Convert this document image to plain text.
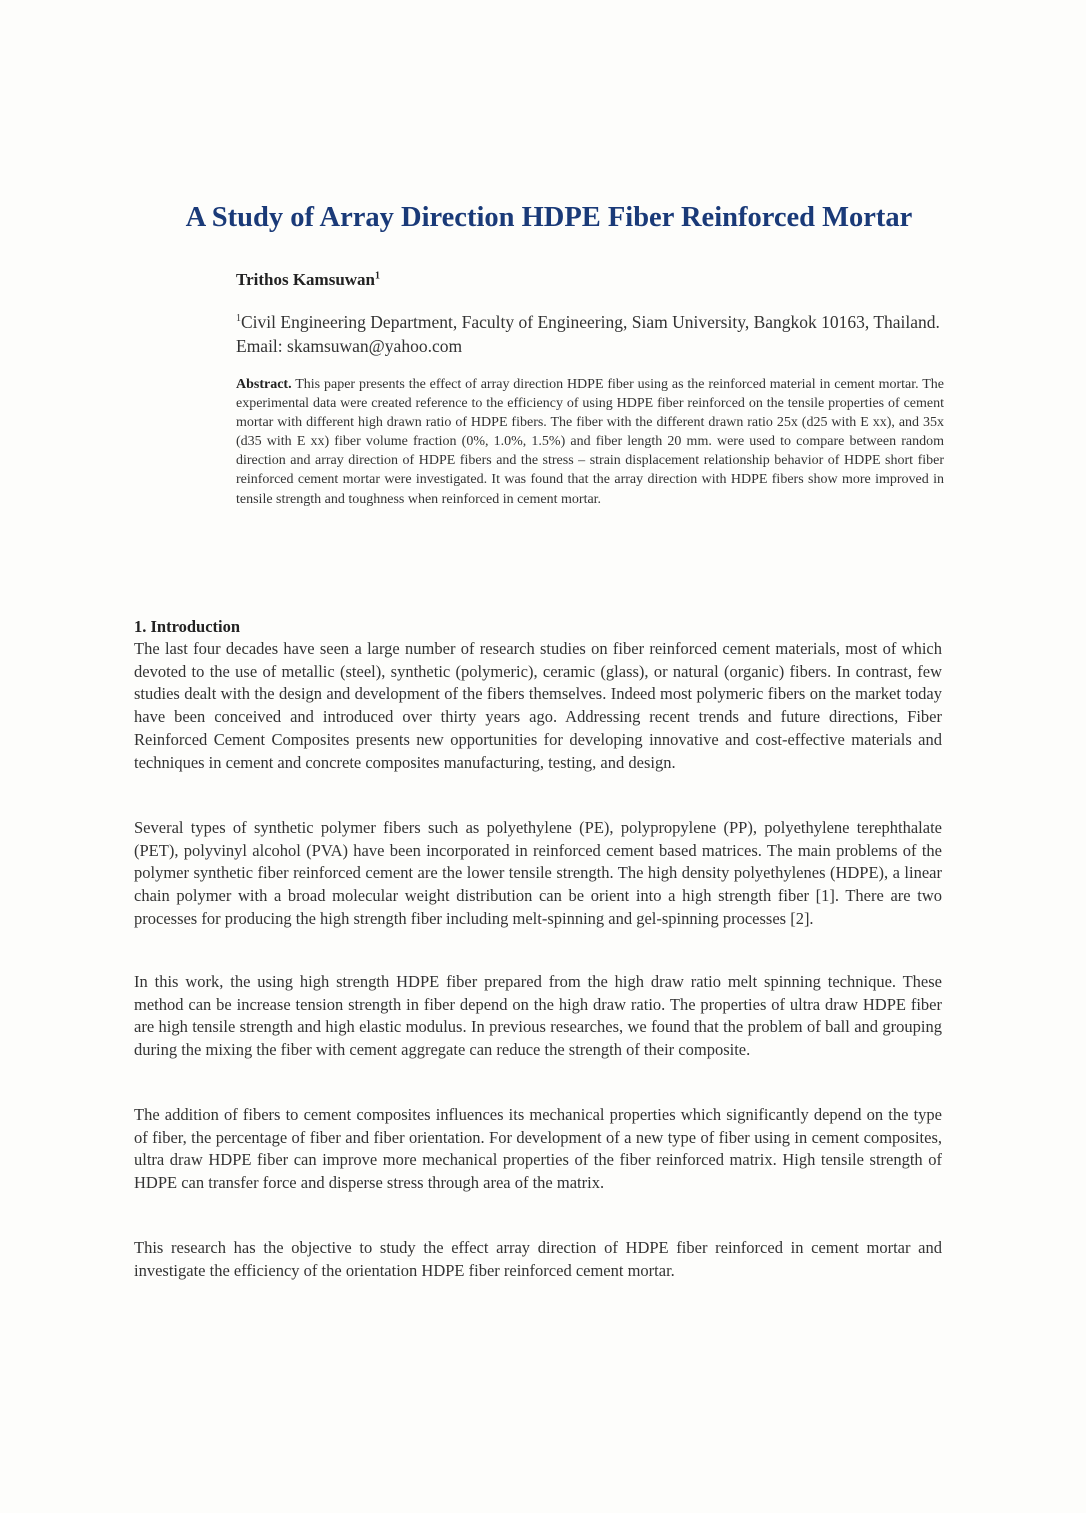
A Study of Array Direction HDPE Fiber Reinforced Mortar

Trithos Kamsuwan$^1$

$^1$Civil Engineering Department, Faculty of Engineering, Siam University, Bangkok 10163, Thailand. Email: skamsuwan@yahoo.com

Abstract. This paper presents the effect of array direction HDPE fiber using as the reinforced material in cement mortar. The experimental data were created reference to the efficiency of using HDPE fiber reinforced on the tensile properties of cement mortar with different high drawn ratio of HDPE fibers. The fiber with the different drawn ratio 25x (d25 with E xx), and 35x (d35 with E xx) fiber volume fraction (0%, 1.0%, 1.5%) and fiber length 20 mm. were used to compare between random direction and array direction of HDPE fibers and the stress – strain displacement relationship behavior of HDPE short fiber reinforced cement mortar were investigated. It was found that the array direction with HDPE fibers show more improved in tensile strength and toughness when reinforced in cement mortar.

1. Introduction

The last four decades have seen a large number of research studies on fiber reinforced cement materials, most of which devoted to the use of metallic (steel), synthetic (polymeric), ceramic (glass), or natural (organic) fibers. In contrast, few studies dealt with the design and development of the fibers themselves. Indeed most polymeric fibers on the market today have been conceived and introduced over thirty years ago. Addressing recent trends and future directions, Fiber Reinforced Cement Composites presents new opportunities for developing innovative and cost-effective materials and techniques in cement and concrete composites manufacturing, testing, and design.

Several types of synthetic polymer fibers such as polyethylene (PE), polypropylene (PP), polyethylene terephthalate (PET), polyvinyl alcohol (PVA) have been incorporated in reinforced cement based matrices. The main problems of the polymer synthetic fiber reinforced cement are the lower tensile strength. The high density polyethylenes (HDPE), a linear chain polymer with a broad molecular weight distribution can be orient into a high strength fiber [1]. There are two processes for producing the high strength fiber including melt-spinning and gel-spinning processes [2].

In this work, the using high strength HDPE fiber prepared from the high draw ratio melt spinning technique. These method can be increase tension strength in fiber depend on the high draw ratio. The properties of ultra draw HDPE fiber are high tensile strength and high elastic modulus. In previous researches, we found that the problem of ball and grouping during the mixing the fiber with cement aggregate can reduce the strength of their composite.

The addition of fibers to cement composites influences its mechanical properties which significantly depend on the type of fiber, the percentage of fiber and fiber orientation. For development of a new type of fiber using in cement composites, ultra draw HDPE fiber can improve more mechanical properties of the fiber reinforced matrix. High tensile strength of HDPE can transfer force and disperse stress through area of the matrix.

This research has the objective to study the effect array direction of HDPE fiber reinforced in cement mortar and investigate the efficiency of the orientation HDPE fiber reinforced cement mortar.
